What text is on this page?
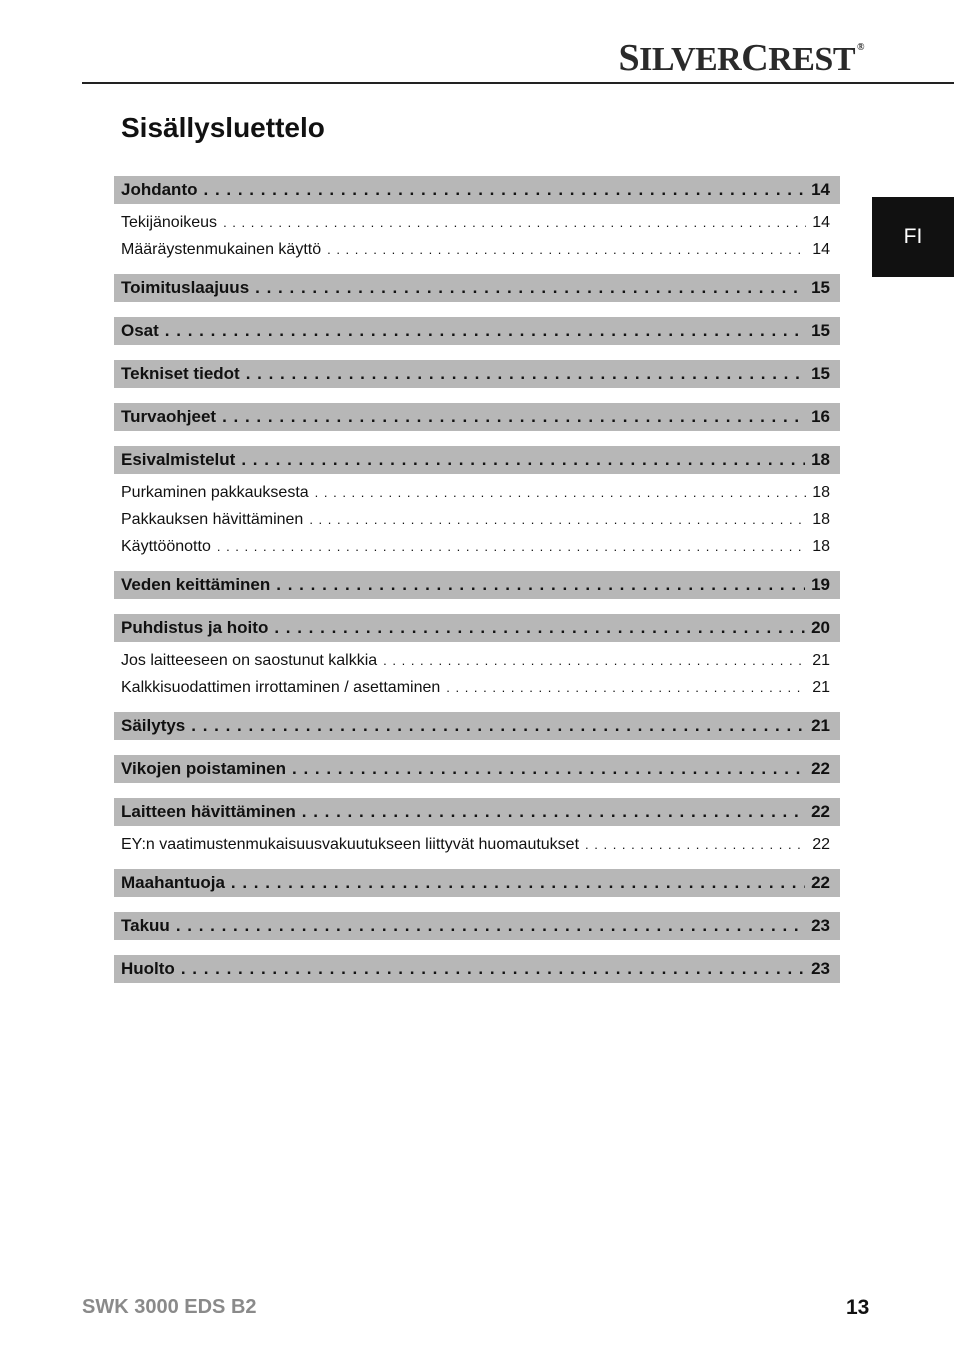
SILVERCREST ®
Sisällysluettelo
FI
Johdanto . . .	14
Tekijänoikeus . . .	14
Määräystenmukainen käyttö . . .	14
Toimituslaajuus . . .	15
Osat . . .	15
Tekniset tiedot . . .	15
Turvaohjeet . . .	16
Esivalmistelut . . .	18
Purkaminen pakkauksesta . . .	18
Pakkauksen hävittäminen . . .	18
Käyttöönotto . . .	18
Veden keittäminen . . .	19
Puhdistus ja hoito . . .	20
Jos laitteeseen on saostunut kalkkia . . .	21
Kalkkisuodattimen irrottaminen / asettaminen . . .	21
Säilytys . . .	21
Vikojen poistaminen . . .	22
Laitteen hävittäminen . . .	22
EY:n vaatimustenmukaisuusvakuutukseen liittyvät huomautukset . . .	22
Maahantuoja . . .	22
Takuu . . .	23
Huolto . . .	23
SWK 3000 EDS B2	13
